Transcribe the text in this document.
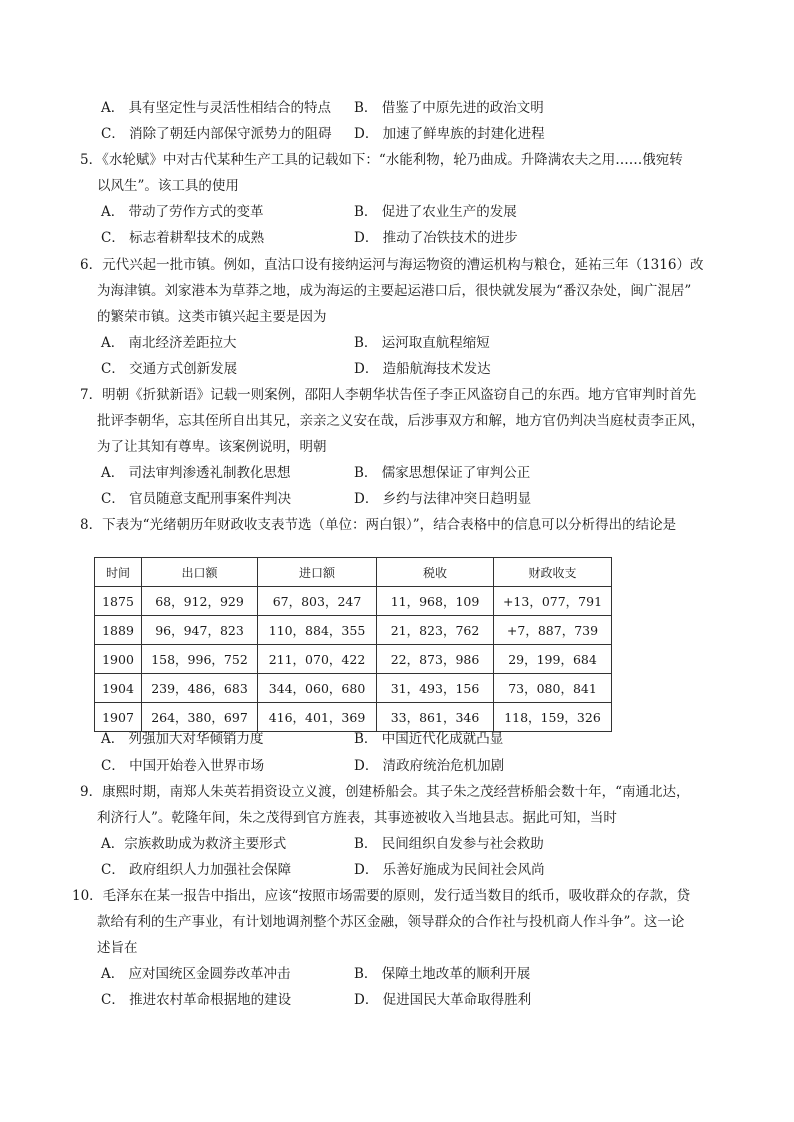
A． 具有坚定性与灵活性相结合的特点 B． 借鉴了中原先进的政治文明
C． 消除了朝廷内部保守派势力的阻碍 D． 加速了鲜卑族的封建化进程
5．《水轮赋》中对古代某种生产工具的记载如下：“水能利物，轮乃曲成。升降满农夫之用……俄宛转
以风生”。该工具的使用
A． 带动了劳作方式的变革	B． 促进了农业生产的发展
C． 标志着耕犁技术的成熟	D． 推动了冶铁技术的进步
6．元代兴起一批市镇。例如，直沽口设有接纳运河与海运物资的漕运机构与粮仓，延祐三年（1316）改
为海津镇。刘家港本为草莽之地，成为海运的主要起运港口后，很快就发展为“番汉杂处，闽广混居”
的繁荣市镇。这类市镇兴起主要是因为
A． 南北经济差距拉大	B． 运河取直航程缩短
C． 交通方式创新发展	D． 造船航海技术发达
7．明朝《折狱新语》记载一则案例，邵阳人李朝华状告侄子李正风盗窃自己的东西。地方官审判时首先
批评李朝华，忘其侄所自出其兄，亲亲之义安在哉，后涉事双方和解，地方官仍判决当庭杖责李正风，
为了让其知有尊卑。该案例说明，明朝
A． 司法审判渗透礼制教化思想	B． 儒家思想保证了审判公正
C． 官员随意支配刑事案件判决	D． 乡约与法律冲突日趋明显
8．下表为“光绪朝历年财政收支表节选（单位：两白银）”，结合表格中的信息可以分析得出的结论是
时间	出口额	进口额	税收	财政收支
1875	68，912，929	67，803，247	11，968，109	+13，077，791
1889	96，947，823	110，884，355	21，823，762	+7，887，739
1900	158，996，752	211，070，422	22，873，986	29，199，684
1904	239，486，683	344，060，680	31，493，156	73，080，841
1907	264，380，697	416，401，369	33，861，346	118，159，326
A． 列强加大对华倾销力度	B． 中国近代化成就凸显
C． 中国开始卷入世界市场	D． 清政府统治危机加剧
9．康熙时期，南郑人朱英若捐资设立义渡，创建桥船会。其子朱之茂经营桥船会数十年，“南通北达，
利济行人”。乾隆年间，朱之茂得到官方旌表，其事迹被收入当地县志。据此可知，当时
A．宗族救助成为救济主要形式	B． 民间组织自发参与社会救助
C． 政府组织人力加强社会保障	D． 乐善好施成为民间社会风尚
10．毛泽东在某一报告中指出，应该“按照市场需要的原则，发行适当数目的纸币，吸收群众的存款，贷
款给有利的生产事业，有计划地调剂整个苏区金融，领导群众的合作社与投机商人作斗争”。这一论
述旨在
A． 应对国统区金圆券改革冲击	B． 保障土地改革的顺利开展
C． 推进农村革命根据地的建设	D． 促进国民大革命取得胜利
